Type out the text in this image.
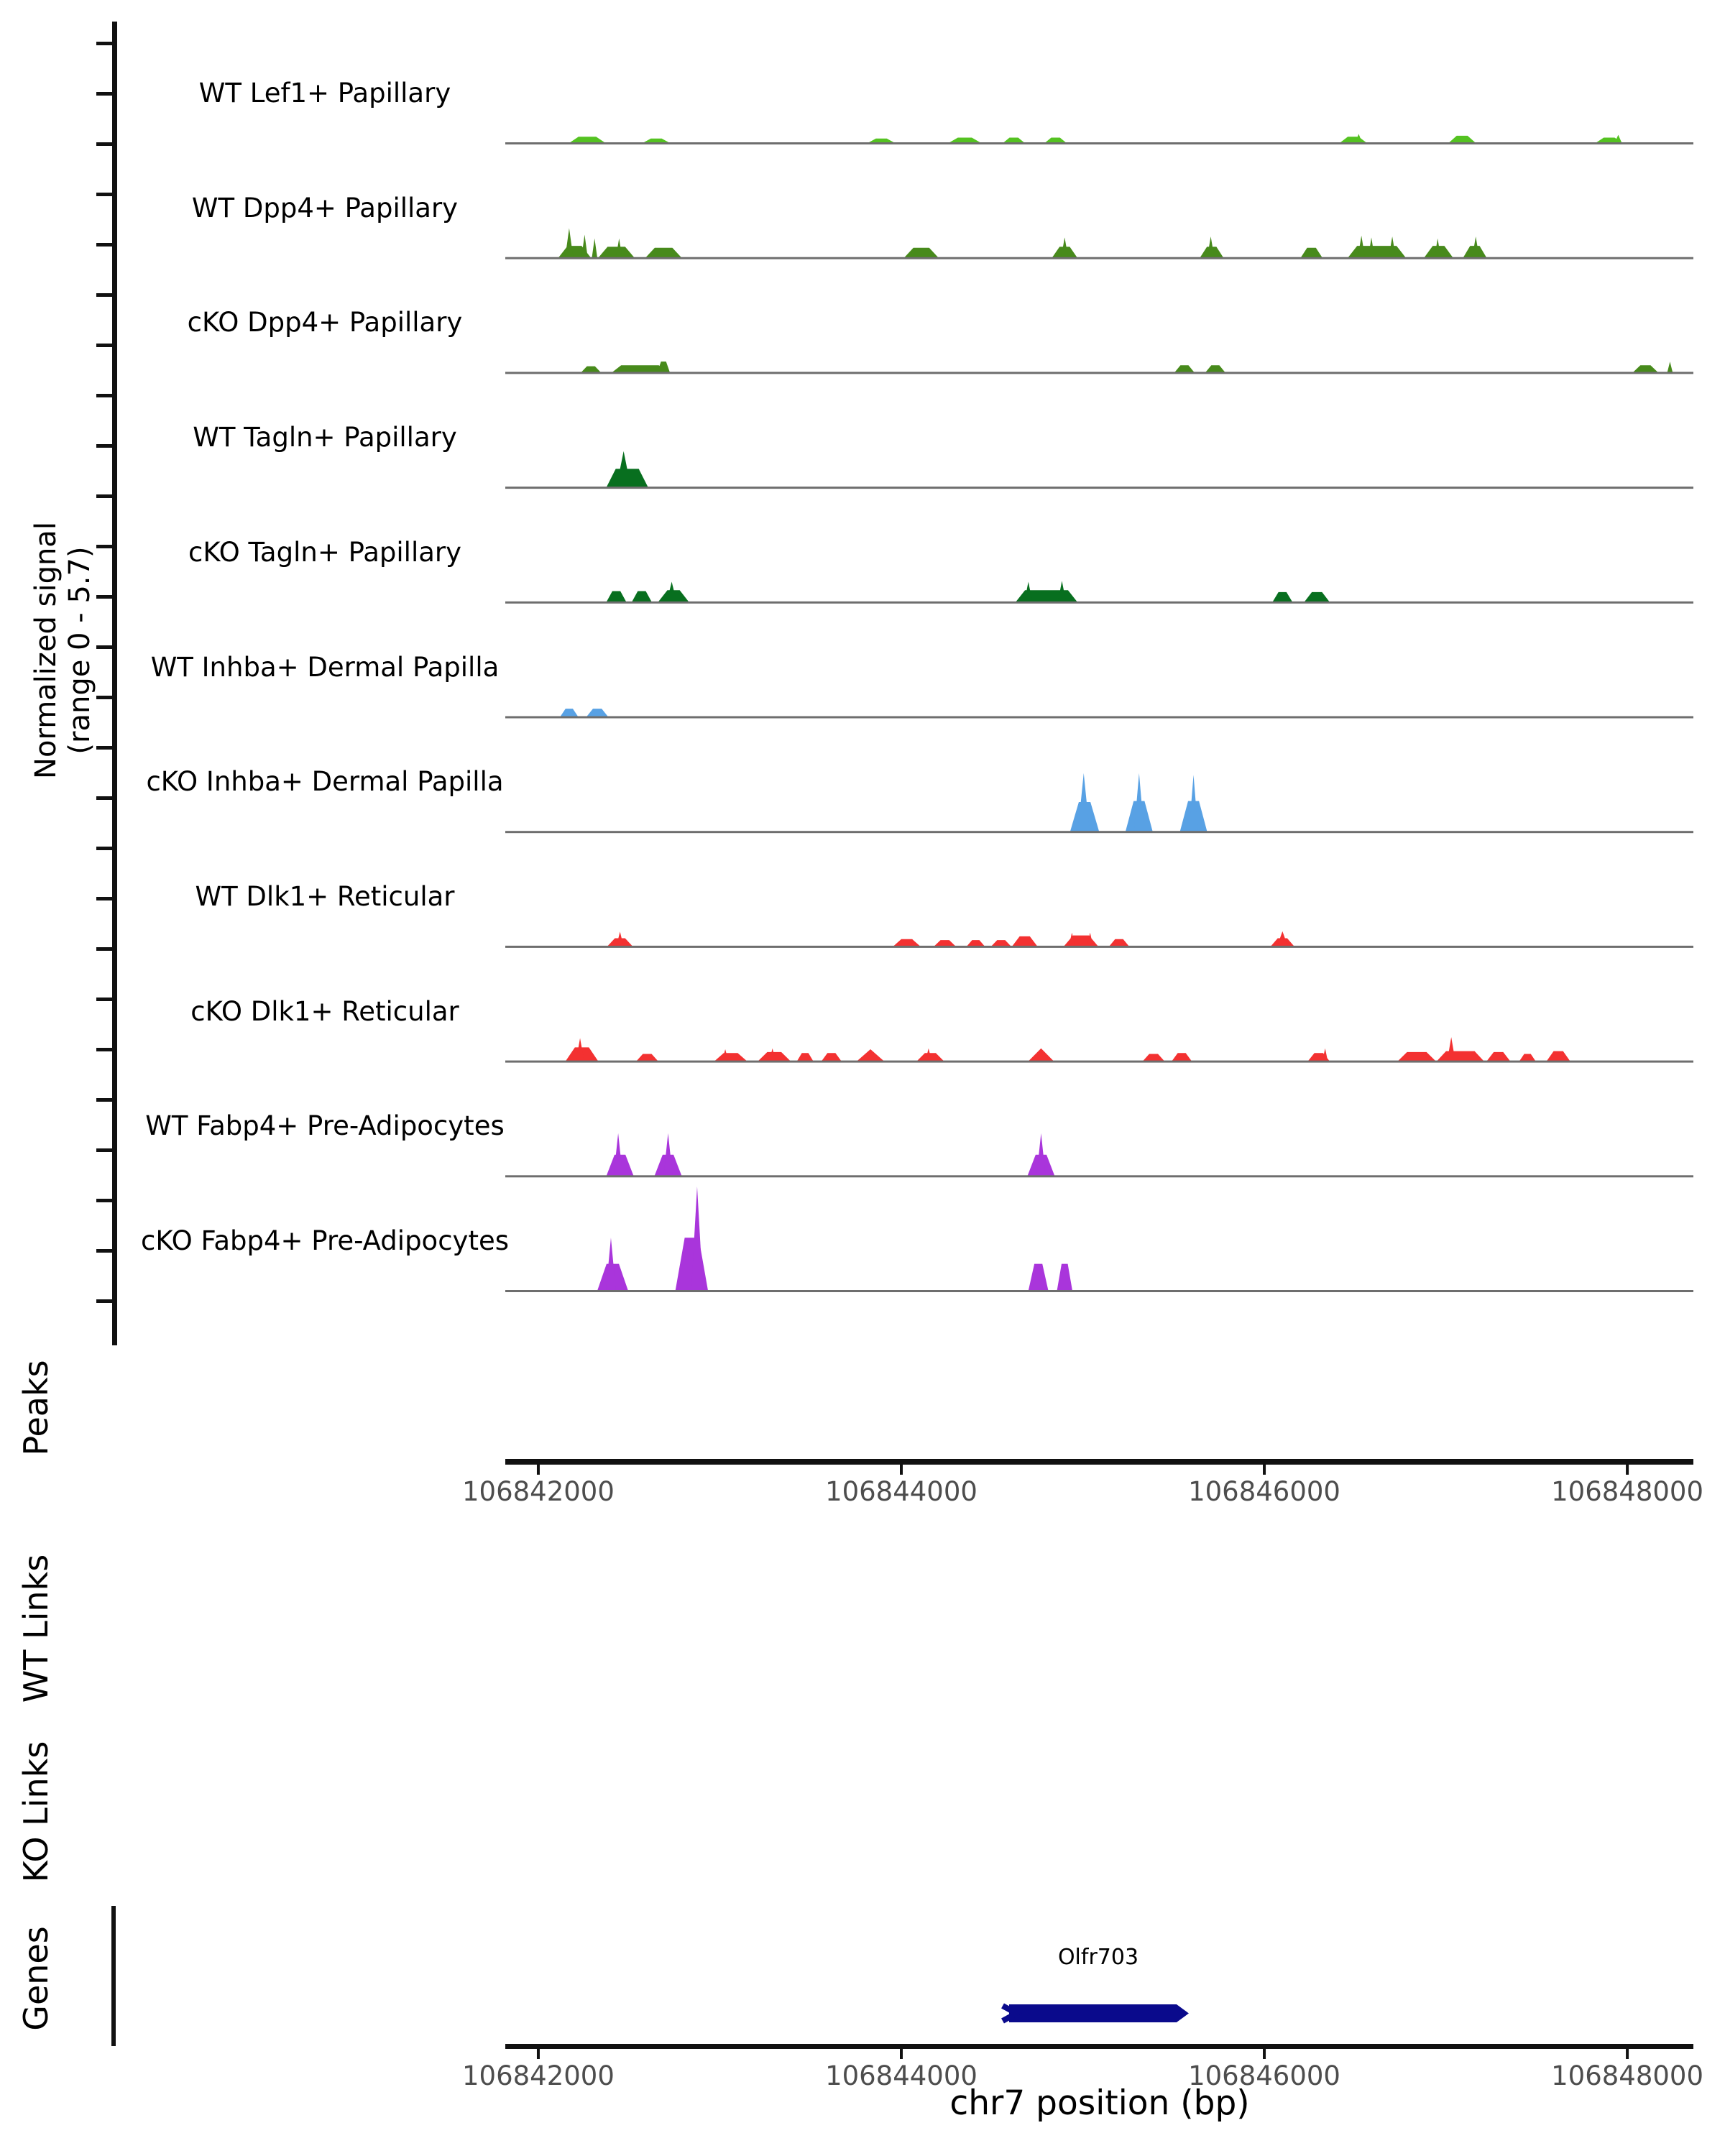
Normalized signal (range 0 - 5.7)
Peaks
WT Links
KO Links
Genes	Olfr703
chr7 position (bp)
WT Lef1+ Papillary
WT Dpp4+ Papillary
cKO Dpp4+ Papillary
WT Tagln+ Papillary
cKO Tagln+ Papillary
WT Inhba+ Dermal Papilla
cKO Inhba+ Dermal Papilla
WT Dlk1+ Reticular
cKO Dlk1+ Reticular
WT Fabp4+ Pre-Adipocytes
cKO Fabp4+ Pre-Adipocytes
106842000	106844000	106846000	106848000
106842000	106844000	106846000	106848000
